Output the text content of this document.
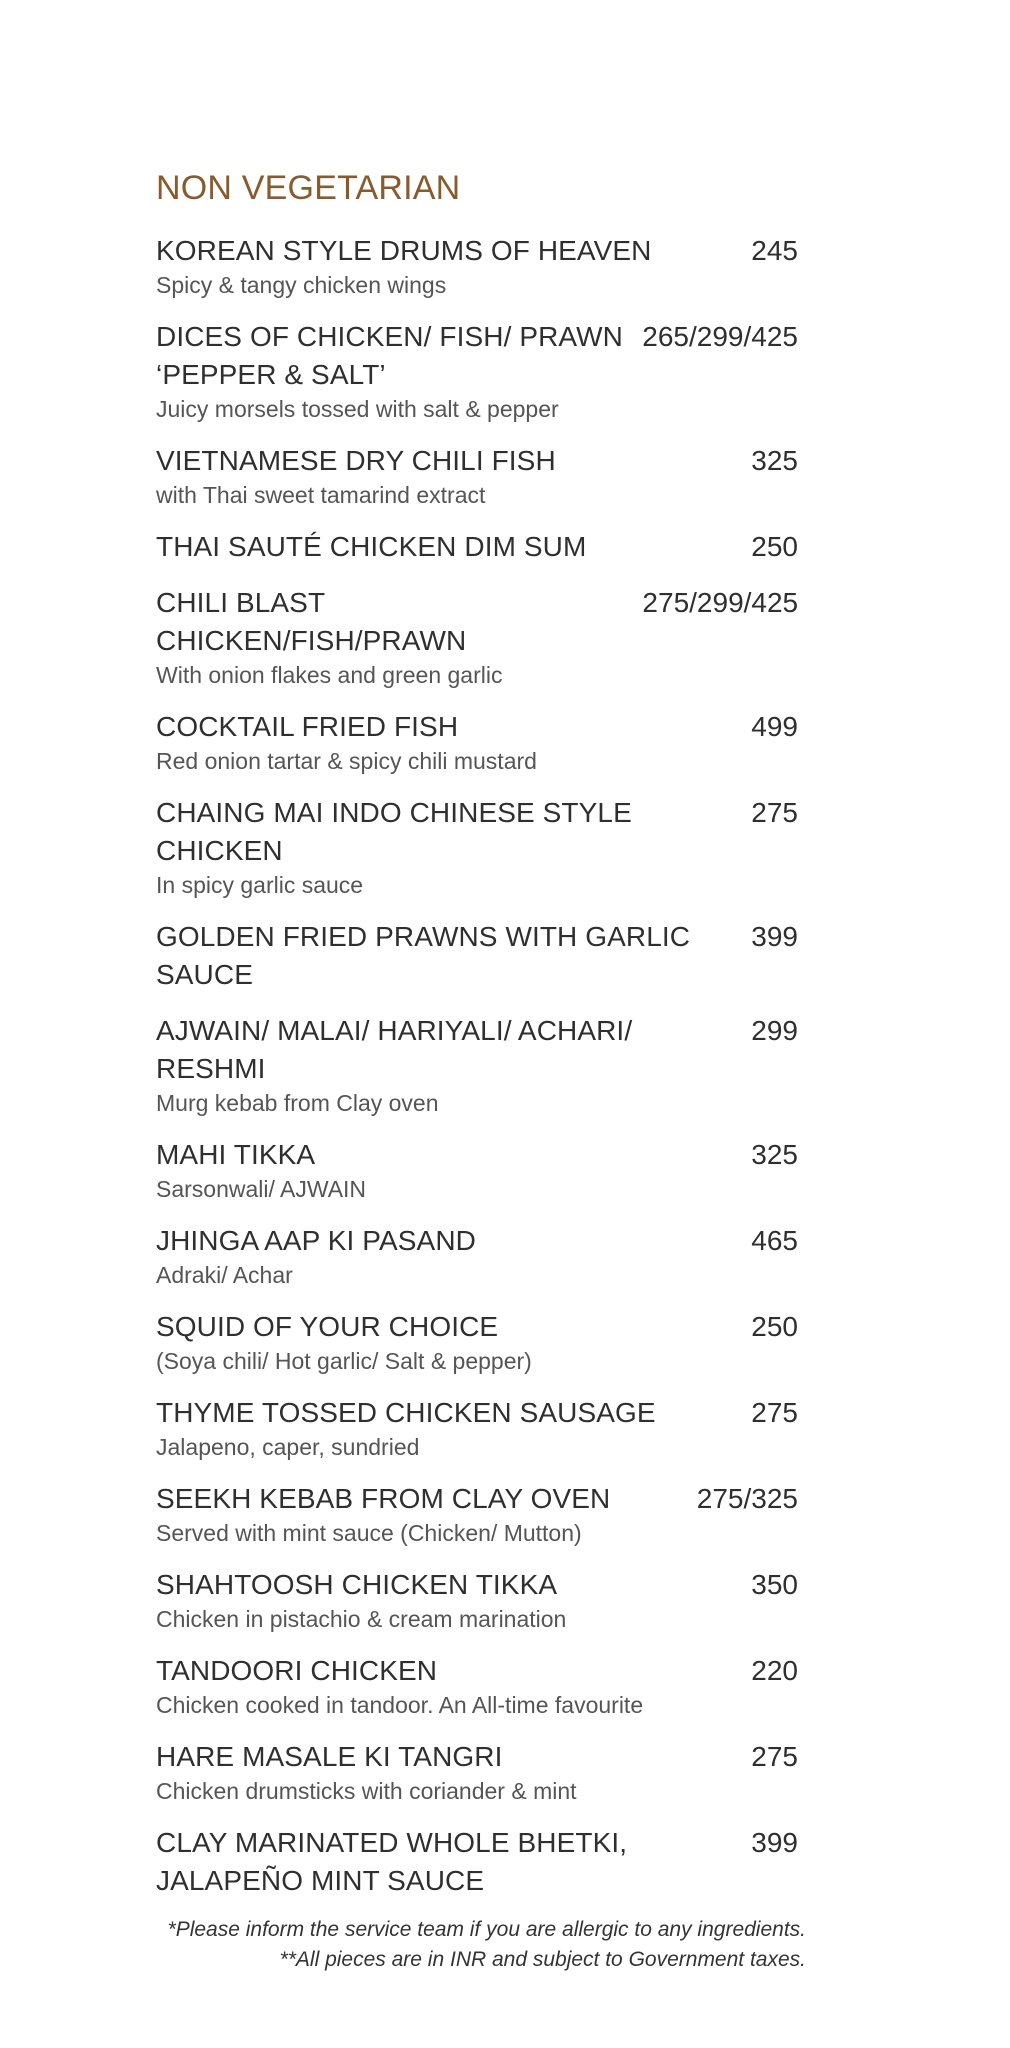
NON VEGETARIAN
KOREAN STYLE DRUMS OF HEAVEN	245
Spicy & tangy chicken wings
DICES OF CHICKEN/ FISH/ PRAWN
‘PEPPER & SALT’
265/299/425
Juicy morsels tossed with salt & pepper
VIETNAMESE DRY CHILI FISH	325
with Thai sweet tamarind extract
THAI SAUTÉ CHICKEN DIM SUM	250
CHILI BLAST CHICKEN/FISH/PRAWN
275/299/425
With onion flakes and green garlic
COCKTAIL FRIED FISH	499
Red onion tartar & spicy chili mustard
CHAING MAI INDO CHINESE STYLE CHICKEN
275
In spicy garlic sauce
GOLDEN FRIED PRAWNS WITH GARLIC SAUCE
399
AJWAIN/ MALAI/ HARIYALI/ ACHARI/ RESHMI
299
Murg kebab from Clay oven
MAHI TIKKA	325
Sarsonwali/ AJWAIN
JHINGA AAP KI PASAND	465
Adraki/ Achar
SQUID OF YOUR CHOICE	250
(Soya chili/ Hot garlic/ Salt & pepper)
THYME TOSSED CHICKEN SAUSAGE	275
Jalapeno, caper, sundried
SEEKH KEBAB FROM CLAY OVEN	275/325
Served with mint sauce (Chicken/ Mutton)
SHAHTOOSH CHICKEN TIKKA	350
Chicken in pistachio & cream marination
TANDOORI CHICKEN	220
Chicken cooked in tandoor. An All-time favourite
HARE MASALE KI TANGRI	275
Chicken drumsticks with coriander & mint
CLAY MARINATED WHOLE BHETKI,
JALAPEÑO MINT SAUCE
399
*Please inform the service team if you are allergic to any ingredients.
**All pieces are in INR and subject to Government taxes.
